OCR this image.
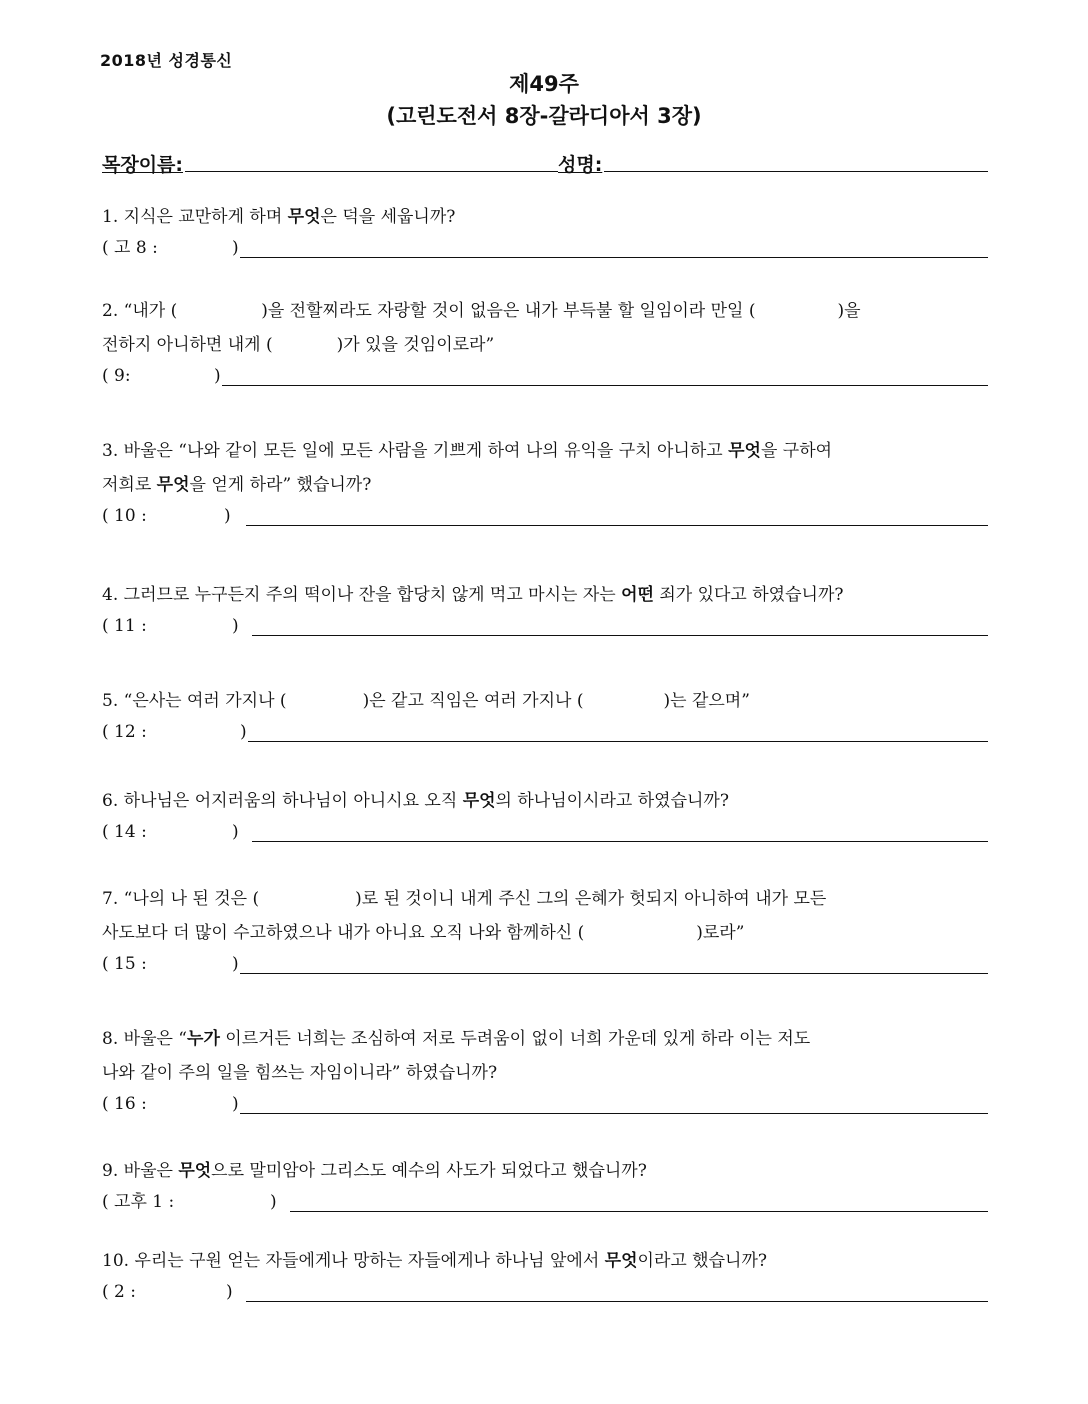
2018년 성경통신
제49주
(고린도전서 8장-갈라디아서 3장)
목장이름:	성명:
1. 지식은 교만하게 하며 무엇은 덕을 세웁니까?
( 고 8 :	)
2. “내가 (	)을 전할찌라도 자랑할 것이 없음은 내가 부득불 할 일임이라 만일 (	)을
전하지 아니하면 내게 (	)가 있을 것임이로라”
( 9:	)
3. 바울은 “나와 같이 모든 일에 모든 사람을 기쁘게 하여 나의 유익을 구치 아니하고 무엇을 구하여
저희로 무엇을 얻게 하라” 했습니까?
( 10 :	)
4. 그러므로 누구든지 주의 떡이나 잔을 합당치 않게 먹고 마시는 자는 어떤 죄가 있다고 하였습니까?
( 11 :	)
5. “은사는 여러 가지나 (	)은 같고 직임은 여러 가지나 (	)는 같으며”
( 12 :	)
6. 하나님은 어지러움의 하나님이 아니시요 오직 무엇의 하나님이시라고 하였습니까?
( 14 :	)
7. “나의 나 된 것은 (	)로 된 것이니 내게 주신 그의 은혜가 헛되지 아니하여 내가 모든
사도보다 더 많이 수고하였으나 내가 아니요 오직 나와 함께하신 (	)로라”
( 15 :	)
8. 바울은 “누가 이르거든 너희는 조심하여 저로 두려움이 없이 너희 가운데 있게 하라 이는 저도
나와 같이 주의 일을 힘쓰는 자임이니라” 하였습니까?
( 16 :	)
9. 바울은 무엇으로 말미암아 그리스도 예수의 사도가 되었다고 했습니까?
( 고후 1 :	)
10. 우리는 구원 얻는 자들에게나 망하는 자들에게나 하나님 앞에서 무엇이라고 했습니까?
( 2 :	)
